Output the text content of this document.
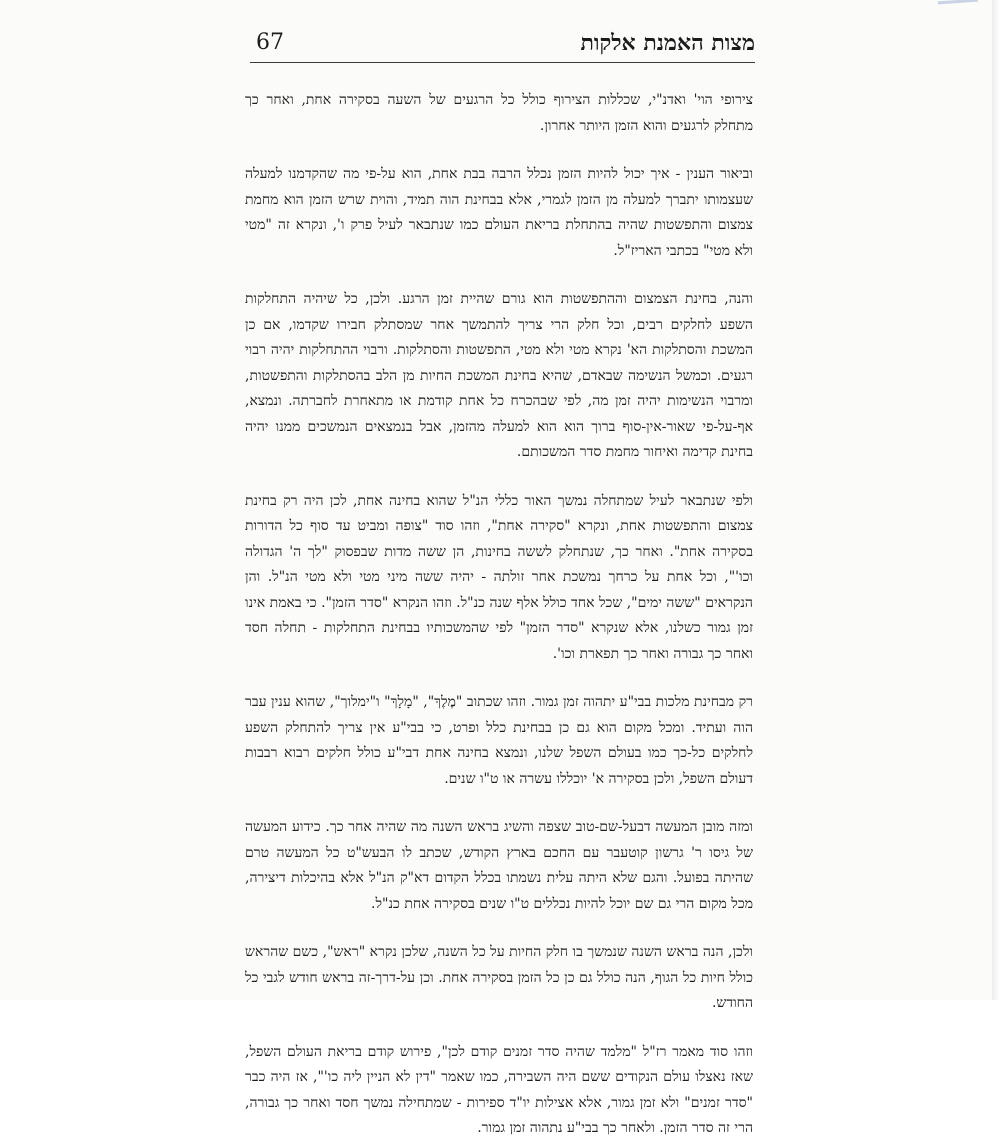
מצות האמנת אלקות
67

צירופי הוי' ואדנ"י, שכללות הצירוף כולל כל הרגעים של השעה בסקירה אחת, ואחר כך מתחלק לרגעים והוא הזמן היותר אחרון.

וביאור הענין - איך יכול להיות הזמן נכלל הרבה בבת אחת, הוא על-פי מה שהקדמנו למעלה שעצמותו יתברך למעלה מן הזמן לגמרי, אלא בבחינת הוה תמיד, והוית שרש הזמן הוא מחמת צמצום והתפשטות שהיה בהתחלת בריאת העולם כמו שנתבאר לעיל פרק ו', ונקרא זה "מטי ולא מטי" בכתבי האריז"ל.

והנה, בחינת הצמצום וההתפשטות הוא גורם שהיית זמן הרגע. ולכן, כל שיהיה התחלקות השפע לחלקים רבים, וכל חלק הרי צריך להתמשך אחר שמסתלק חבירו שקדמו, אם כן המשכת והסתלקות הא' נקרא מטי ולא מטי, התפשטות והסתלקות. ורבוי ההתחלקות יהיה רבוי רגעים. וכמשל הנשימה שבאדם, שהיא בחינת המשכת החיות מן הלב בהסתלקות והתפשטות, ומרבוי הנשימות יהיה זמן מה, לפי שבהכרח כל אחת קודמת או מתאחרת לחברתה. ונמצא, אף-על-פי שאור-אין-סוף ברוך הוא הוא למעלה מהזמן, אבל בנמצאים הנמשכים ממנו יהיה בחינת קדימה ואיחור מחמת סדר המשכותם.

ולפי שנתבאר לעיל שמתחלה נמשך האור כללי הנ"ל שהוא בחינה אחת, לכן היה רק בחינת צמצום והתפשטות אחת, ונקרא "סקירה אחת", וזהו סוד "צופה ומביט עד סוף כל הדורות בסקירה אחת". ואחר כך, שנתחלק לששה בחינות, הן ששה מדות שבפסוק "לך ה' הגדולה וכו'", וכל אחת על כרחך נמשכת אחר זולתה - יהיה ששה מיני מטי ולא מטי הנ"ל. והן הנקראים "ששה ימים", שכל אחד כולל אלף שנה כנ"ל. וזהו הנקרא "סדר הזמן". כי באמת אינו זמן גמור כשלנו, אלא שנקרא "סדר הזמן" לפי שהמשכותיו בבחינת התחלקות - תחלה חסד ואחר כך גבורה ואחר כך תפארת וכו'.

רק מבחינת מלכות בבי"ע יתהוה זמן גמור. וזהו שכתוב "מֶלֶךְ", "מָלָךְ" ו"ימלוך", שהוא ענין עבר הוה ועתיד. ומכל מקום הוא גם כן בבחינת כלל ופרט, כי בבי"ע אין צריך להתחלק השפע לחלקים כל-כך כמו בעולם השפל שלנו, ונמצא בחינה אחת דבי"ע כולל חלקים רבוא רבבות דעולם השפל, ולכן בסקירה א' יוכללו עשרה או ט"ו שנים.

ומזה מובן המעשה דבעל-שם-טוב שצפה והשיג בראש השנה מה שהיה אחר כך. כידוע המעשה של גיסו ר' גרשון קוטעבר עם החכם בארץ הקודש, שכתב לו הבעש"ט כל המעשה טרם שהיתה בפועל. והגם שלא היתה עלית נשמתו בכלל הקדום דא"ק הנ"ל אלא בהיכלות דיצירה, מכל מקום הרי גם שם יוכל להיות נכללים ט"ו שנים בסקירה אחת כנ"ל.

ולכן, הנה בראש השנה שנמשך בו חלק החיות על כל השנה, שלכן נקרא "ראש", כשם שהראש כולל חיות כל הגוף, הנה כולל גם כן כל הזמן בסקירה אחת. וכן על-דרך-זה בראש חודש לגבי כל החודש.

וזהו סוד מאמר רז"ל "מלמד שהיה סדר זמנים קודם לכן", פירוש קודם בריאת העולם השפל, שאז נאצלו עולם הנקודים ששם היה השבירה, כמו שאמר "דין לא הניין ליה כו'", אז היה כבר "סדר זמנים" ולא זמן גמור, אלא אצילות יו"ד ספירות - שמתחילה נמשך חסד ואחר כך גבורה, הרי זה סדר הזמן. ולאחר כך בבי"ע נתהוה זמן גמור.
